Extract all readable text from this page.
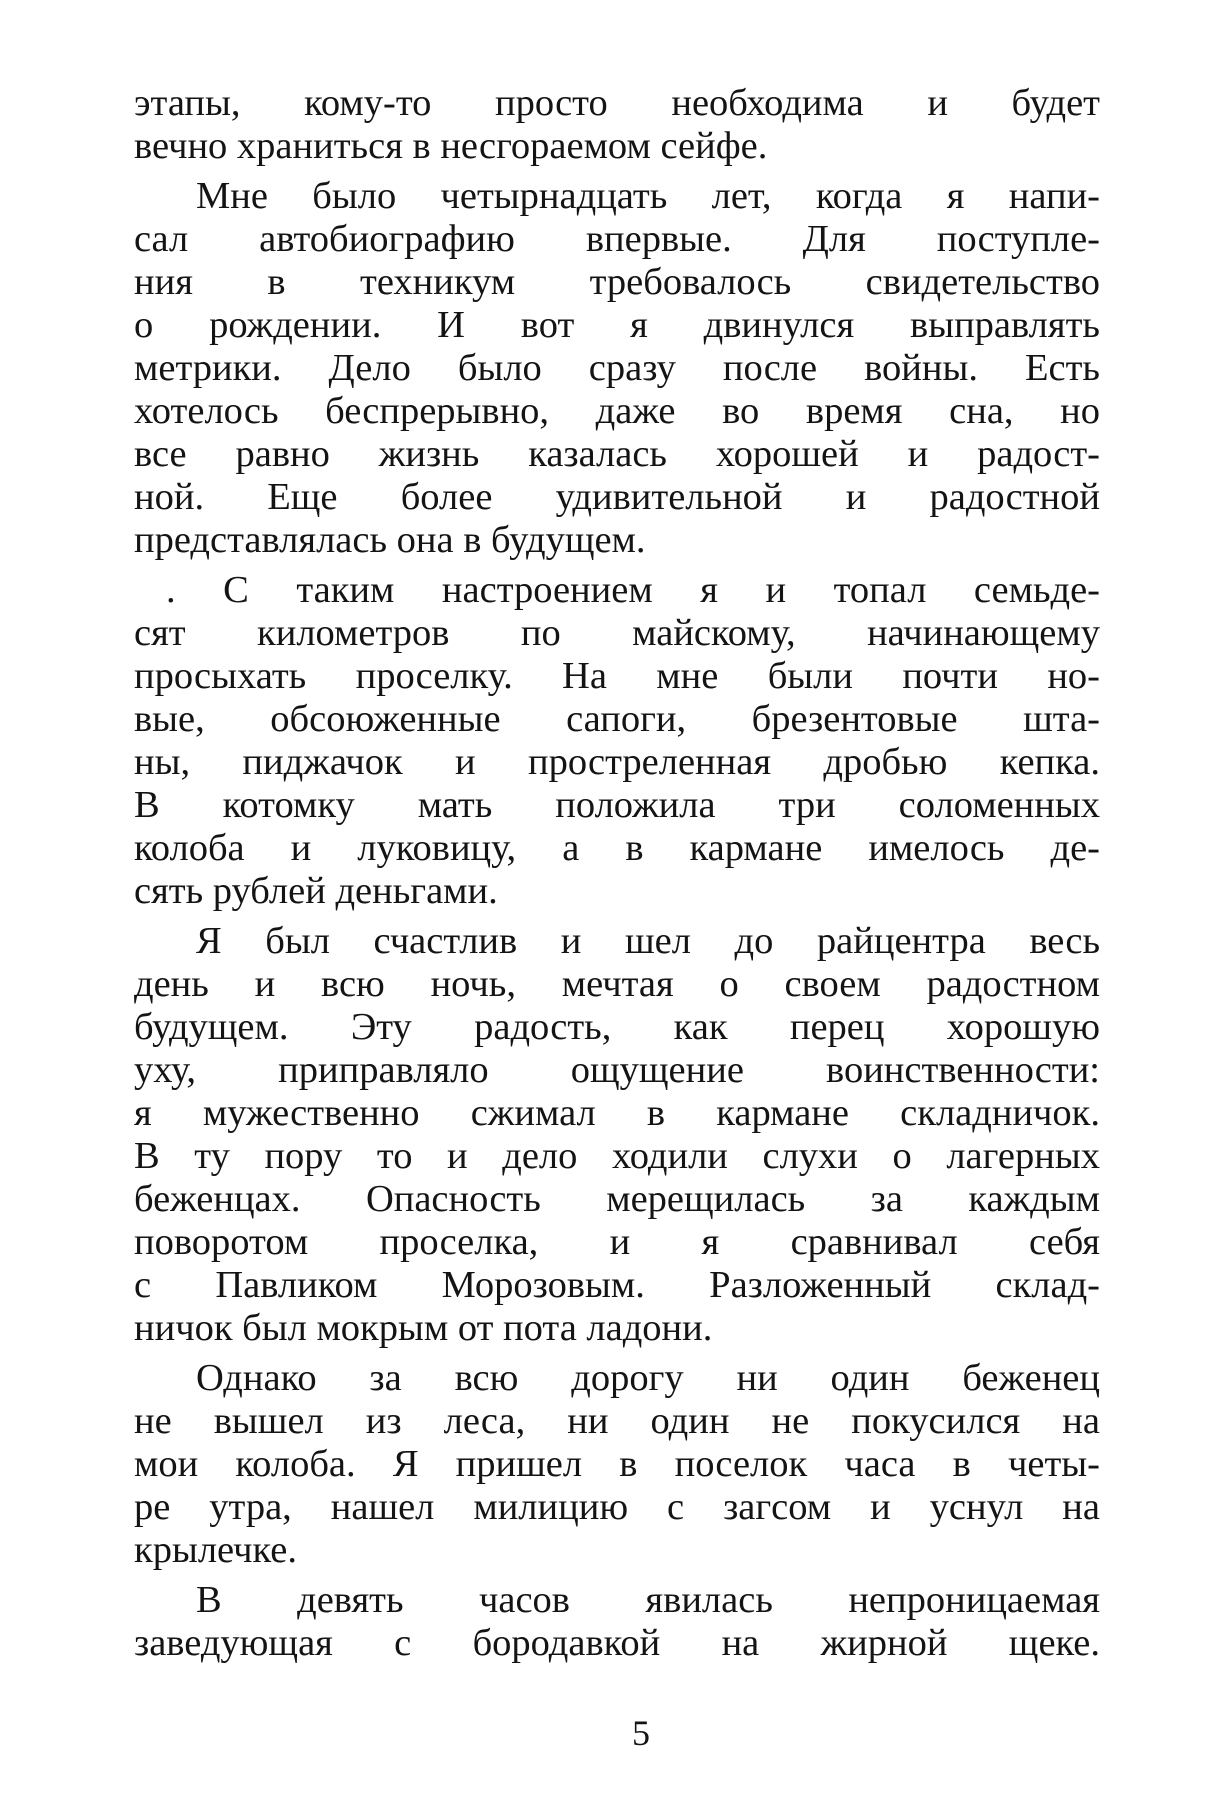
этапы, кому-то просто необходима и будет
вечно храниться в несгораемом сейфе.
Мне было четырнадцать лет, когда я напи-
сал автобиографию впервые. Для поступле-
ния в техникум требовалось свидетельство
о рождении. И вот я двинулся выправлять
метрики. Дело было сразу после войны. Есть
хотелось беспрерывно, даже во время сна, но
все равно жизнь казалась хорошей и радост-
ной. Еще более удивительной и радостной
представлялась она в будущем.
. С таким настроением я и топал семьде-
сят километров по майскому, начинающему
просыхать проселку. На мне были почти но-
вые, обсоюженные сапоги, брезентовые шта-
ны, пиджачок и простреленная дробью кепка.
В котомку мать положила три соломенных
колоба и луковицу, а в кармане имелось де-
сять рублей деньгами.
Я был счастлив и шел до райцентра весь
день и всю ночь, мечтая о своем радостном
будущем. Эту радость, как перец хорошую
уху, приправляло ощущение воинственности:
я мужественно сжимал в кармане складничок.
В ту пору то и дело ходили слухи о лагерных
беженцах. Опасность мерещилась за каждым
поворотом проселка, и я сравнивал себя
с Павликом Морозовым. Разложенный склад-
ничок был мокрым от пота ладони.
Однако за всю дорогу ни один беженец
не вышел из леса, ни один не покусился на
мои колоба. Я пришел в поселок часа в четы-
ре утра, нашел милицию с загсом и уснул на
крылечке.
В девять часов явилась непроницаемая
заведующая с бородавкой на жирной щеке.
5
